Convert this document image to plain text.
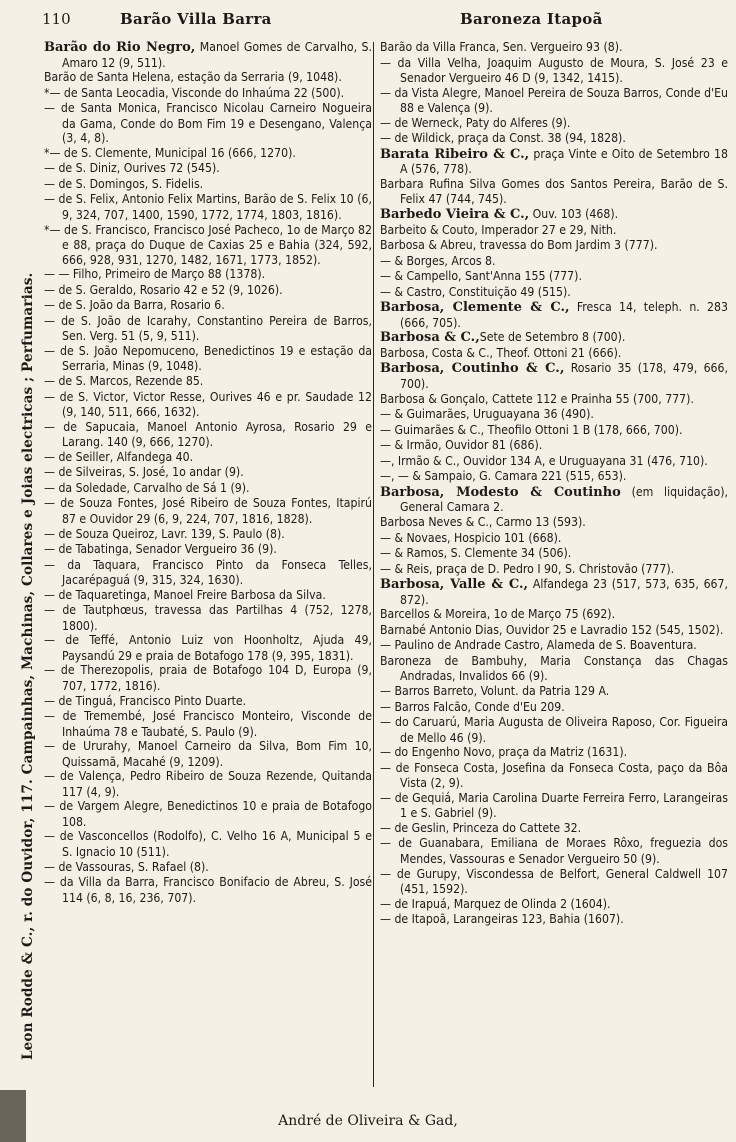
110	Barão Villa Barra	Baroneza Itapoã
Leon Rodde & C., r. do Ouvidor, 117. Campainhas, Machinas, Collares e Joias electricas ; Perfumarias.

Barão do Rio Negro, Manoel Gomes de Carvalho, S. Amaro 12 (9, 511).

Barão de Santa Helena, estação da Serraria (9, 1048).

*— de Santa Leocadia, Visconde do Inhaúma 22 (500).

— de Santa Monica, Francisco Nicolau Carneiro Nogueira da Gama, Conde do Bom Fim 19 e Desengano, Valença (3, 4, 8).

*— de S. Clemente, Municipal 16 (666, 1270).

— de S. Diniz, Ourives 72 (545).

— de S. Domingos, S. Fidelis.

— de S. Felix, Antonio Felix Martins, Barão de S. Felix 10 (6, 9, 324, 707, 1400, 1590, 1772, 1774, 1803, 1816).

*— de S. Francisco, Francisco José Pacheco, 1o de Março 82 e 88, praça do Duque de Caxias 25 e Bahia (324, 592, 666, 928, 931, 1270, 1482, 1671, 1773, 1852).

— — Filho, Primeiro de Março 88 (1378).

— de S. Geraldo, Rosario 42 e 52 (9, 1026).

— de S. João da Barra, Rosario 6.

— de S. João de Icarahy, Constantino Pereira de Barros, Sen. Verg. 51 (5, 9, 511).

— de S. João Nepomuceno, Benedictinos 19 e estação da Serraria, Minas (9, 1048).

— de S. Marcos, Rezende 85.

— de S. Victor, Victor Resse, Ourives 46 e pr. Saudade 12 (9, 140, 511, 666, 1632).

— de Sapucaia, Manoel Antonio Ayrosa, Rosario 29 e Larang. 140 (9, 666, 1270).

— de Seiller, Alfandega 40.

— de Silveiras, S. José, 1o andar (9).

— da Soledade, Carvalho de Sá 1 (9).

— de Souza Fontes, José Ribeiro de Souza Fontes, Itapirú 87 e Ouvidor 29 (6, 9, 224, 707, 1816, 1828).

— de Souza Queiroz, Lavr. 139, S. Paulo (8).

— de Tabatinga, Senador Vergueiro 36 (9).

— da Taquara, Francisco Pinto da Fonseca Telles, Jacarépaguá (9, 315, 324, 1630).

— de Taquaretinga, Manoel Freire Barbosa da Silva.

— de Tautphœus, travessa das Partilhas 4 (752, 1278, 1800).

— de Teffé, Antonio Luiz von Hoonholtz, Ajuda 49, Paysandú 29 e praia de Botafogo 178 (9, 395, 1831).

— de Therezopolis, praia de Botafogo 104 D, Europa (9, 707, 1772, 1816).

— de Tinguá, Francisco Pinto Duarte.

— de Tremembé, José Francisco Monteiro, Visconde de Inhaúma 78 e Taubaté, S. Paulo (9).

— de Ururahy, Manoel Carneiro da Silva, Bom Fim 10, Quissamã, Macahé (9, 1209).

— de Valença, Pedro Ribeiro de Souza Rezende, Quitanda 117 (4, 9).

— de Vargem Alegre, Benedictinos 10 e praia de Botafogo 108.

— de Vasconcellos (Rodolfo), C. Velho 16 A, Municipal 5 e S. Ignacio 10 (511).

— de Vassouras, S. Rafael (8).

— da Villa da Barra, Francisco Bonifacio de Abreu, S. José 114 (6, 8, 16, 236, 707).

Barão da Villa Franca, Sen. Vergueiro 93 (8).

— da Villa Velha, Joaquim Augusto de Moura, S. José 23 e Senador Vergueiro 46 D (9, 1342, 1415).

— da Vista Alegre, Manoel Pereira de Souza Barros, Conde d'Eu 88 e Valença (9).

— de Werneck, Paty do Alferes (9).

— de Wildick, praça da Const. 38 (94, 1828).

Barata Ribeiro & C., praça Vinte e Oito de Setembro 18 A (576, 778).

Barbara Rufina Silva Gomes dos Santos Pereira, Barão de S. Felix 47 (744, 745).

Barbedo Vieira & C., Ouv. 103 (468).

Barbeito & Couto, Imperador 27 e 29, Nith.

Barbosa & Abreu, travessa do Bom Jardim 3 (777).

— & Borges, Arcos 8.

— & Campello, Sant'Anna 155 (777).

— & Castro, Constituição 49 (515).

Barbosa, Clemente & C., Fresca 14, teleph. n. 283 (666, 705).

Barbosa & C.,Sete de Setembro 8 (700).

Barbosa, Costa & C., Theof. Ottoni 21 (666).

Barbosa, Coutinho & C., Rosario 35 (178, 479, 666, 700).

Barbosa & Gonçalo, Cattete 112 e Prainha 55 (700, 777).

— & Guimarães, Uruguayana 36 (490).

— Guimarães & C., Theofilo Ottoni 1 B (178, 666, 700).

— & Irmão, Ouvidor 81 (686).

—, Irmão & C., Ouvidor 134 A, e Uruguayana 31 (476, 710).

—, — & Sampaio, G. Camara 221 (515, 653).

Barbosa, Modesto & Coutinho (em liquidação), General Camara 2.

Barbosa Neves & C., Carmo 13 (593).

— & Novaes, Hospicio 101 (668).

— & Ramos, S. Clemente 34 (506).

— & Reis, praça de D. Pedro I 90, S. Christovão (777).

Barbosa, Valle & C., Alfandega 23 (517, 573, 635, 667, 872).

Barcellos & Moreira, 1o de Março 75 (692).

Barnabé Antonio Dias, Ouvidor 25 e Lavradio 152 (545, 1502).

— Paulino de Andrade Castro, Alameda de S. Boaventura.

Baroneza de Bambuhy, Maria Constança das Chagas Andradas, Invalidos 66 (9).

— Barros Barreto, Volunt. da Patria 129 A.

— Barros Falcão, Conde d'Eu 209.

— do Caruarú, Maria Augusta de Oliveira Raposo, Cor. Figueira de Mello 46 (9).

— do Engenho Novo, praça da Matriz (1631).

— de Fonseca Costa, Josefina da Fonseca Costa, paço da Bôa Vista (2, 9).

— de Gequiá, Maria Carolina Duarte Ferreira Ferro, Larangeiras 1 e S. Gabriel (9).

— de Geslin, Princeza do Cattete 32.

— de Guanabara, Emiliana de Moraes Rôxo, freguezia dos Mendes, Vassouras e Senador Vergueiro 50 (9).

— de Gurupy, Viscondessa de Belfort, General Caldwell 107 (451, 1592).

— de Irapuá, Marquez de Olinda 2 (1604).

— de Itapoã, Larangeiras 123, Bahia (1607).

André de Oliveira & Gad,
